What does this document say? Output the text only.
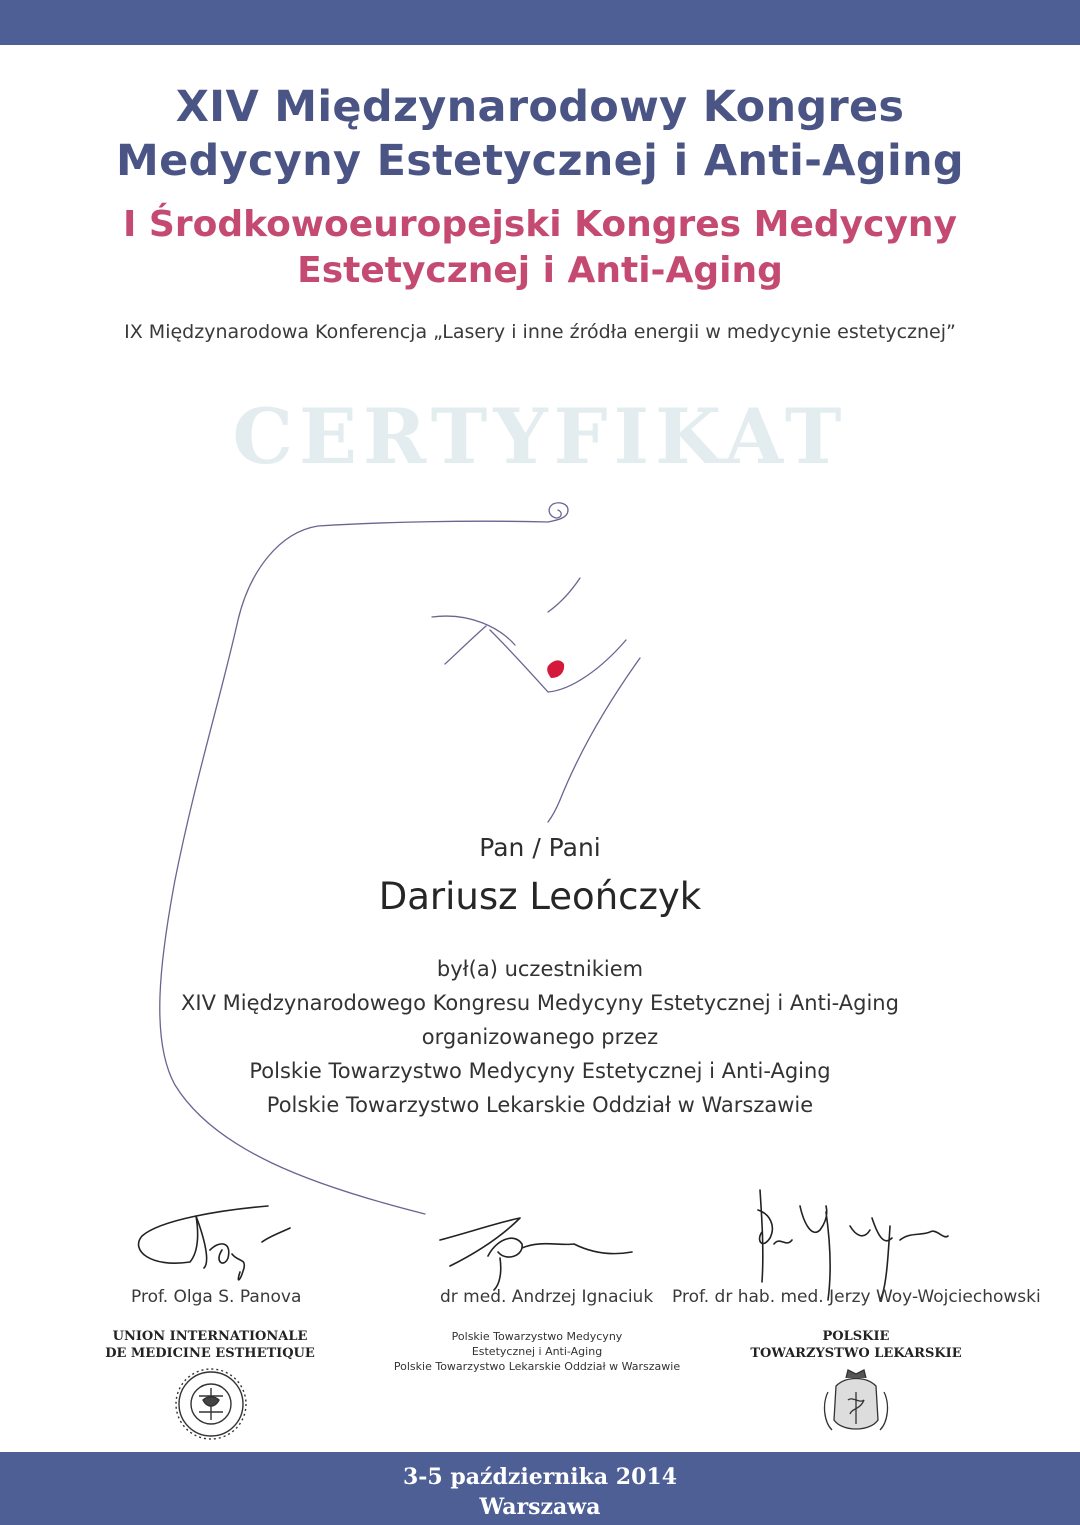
XIV Międzynarodowy Kongres
Medycyny Estetycznej i Anti-Aging
I Środkowoeuropejski Kongres Medycyny
Estetycznej i Anti-Aging
IX Międzynarodowa Konferencja „Lasery i inne źródła energii w medycynie estetycznej”
CERTYFIKAT
Pan / Pani
Dariusz Leończyk
był(a) uczestnikiem
XIV Międzynarodowego Kongresu Medycyny Estetycznej i Anti-Aging
organizowanego przez
Polskie Towarzystwo Medycyny Estetycznej i Anti-Aging
Polskie Towarzystwo Lekarskie Oddział w Warszawie
Prof. Olga S. Panova	dr med. Andrzej Ignaciuk Prof. dr hab. med. Jerzy Woy-Wojciechowski
UNION INTERNATIONALE
DE MEDICINE ESTHETIQUE
Polskie Towarzystwo Medycyny
Estetycznej i Anti-Aging
Polskie Towarzystwo Lekarskie Oddział w Warszawie
POLSKIE
TOWARZYSTWO LEKARSKIE
3-5 października 2014
Warszawa
